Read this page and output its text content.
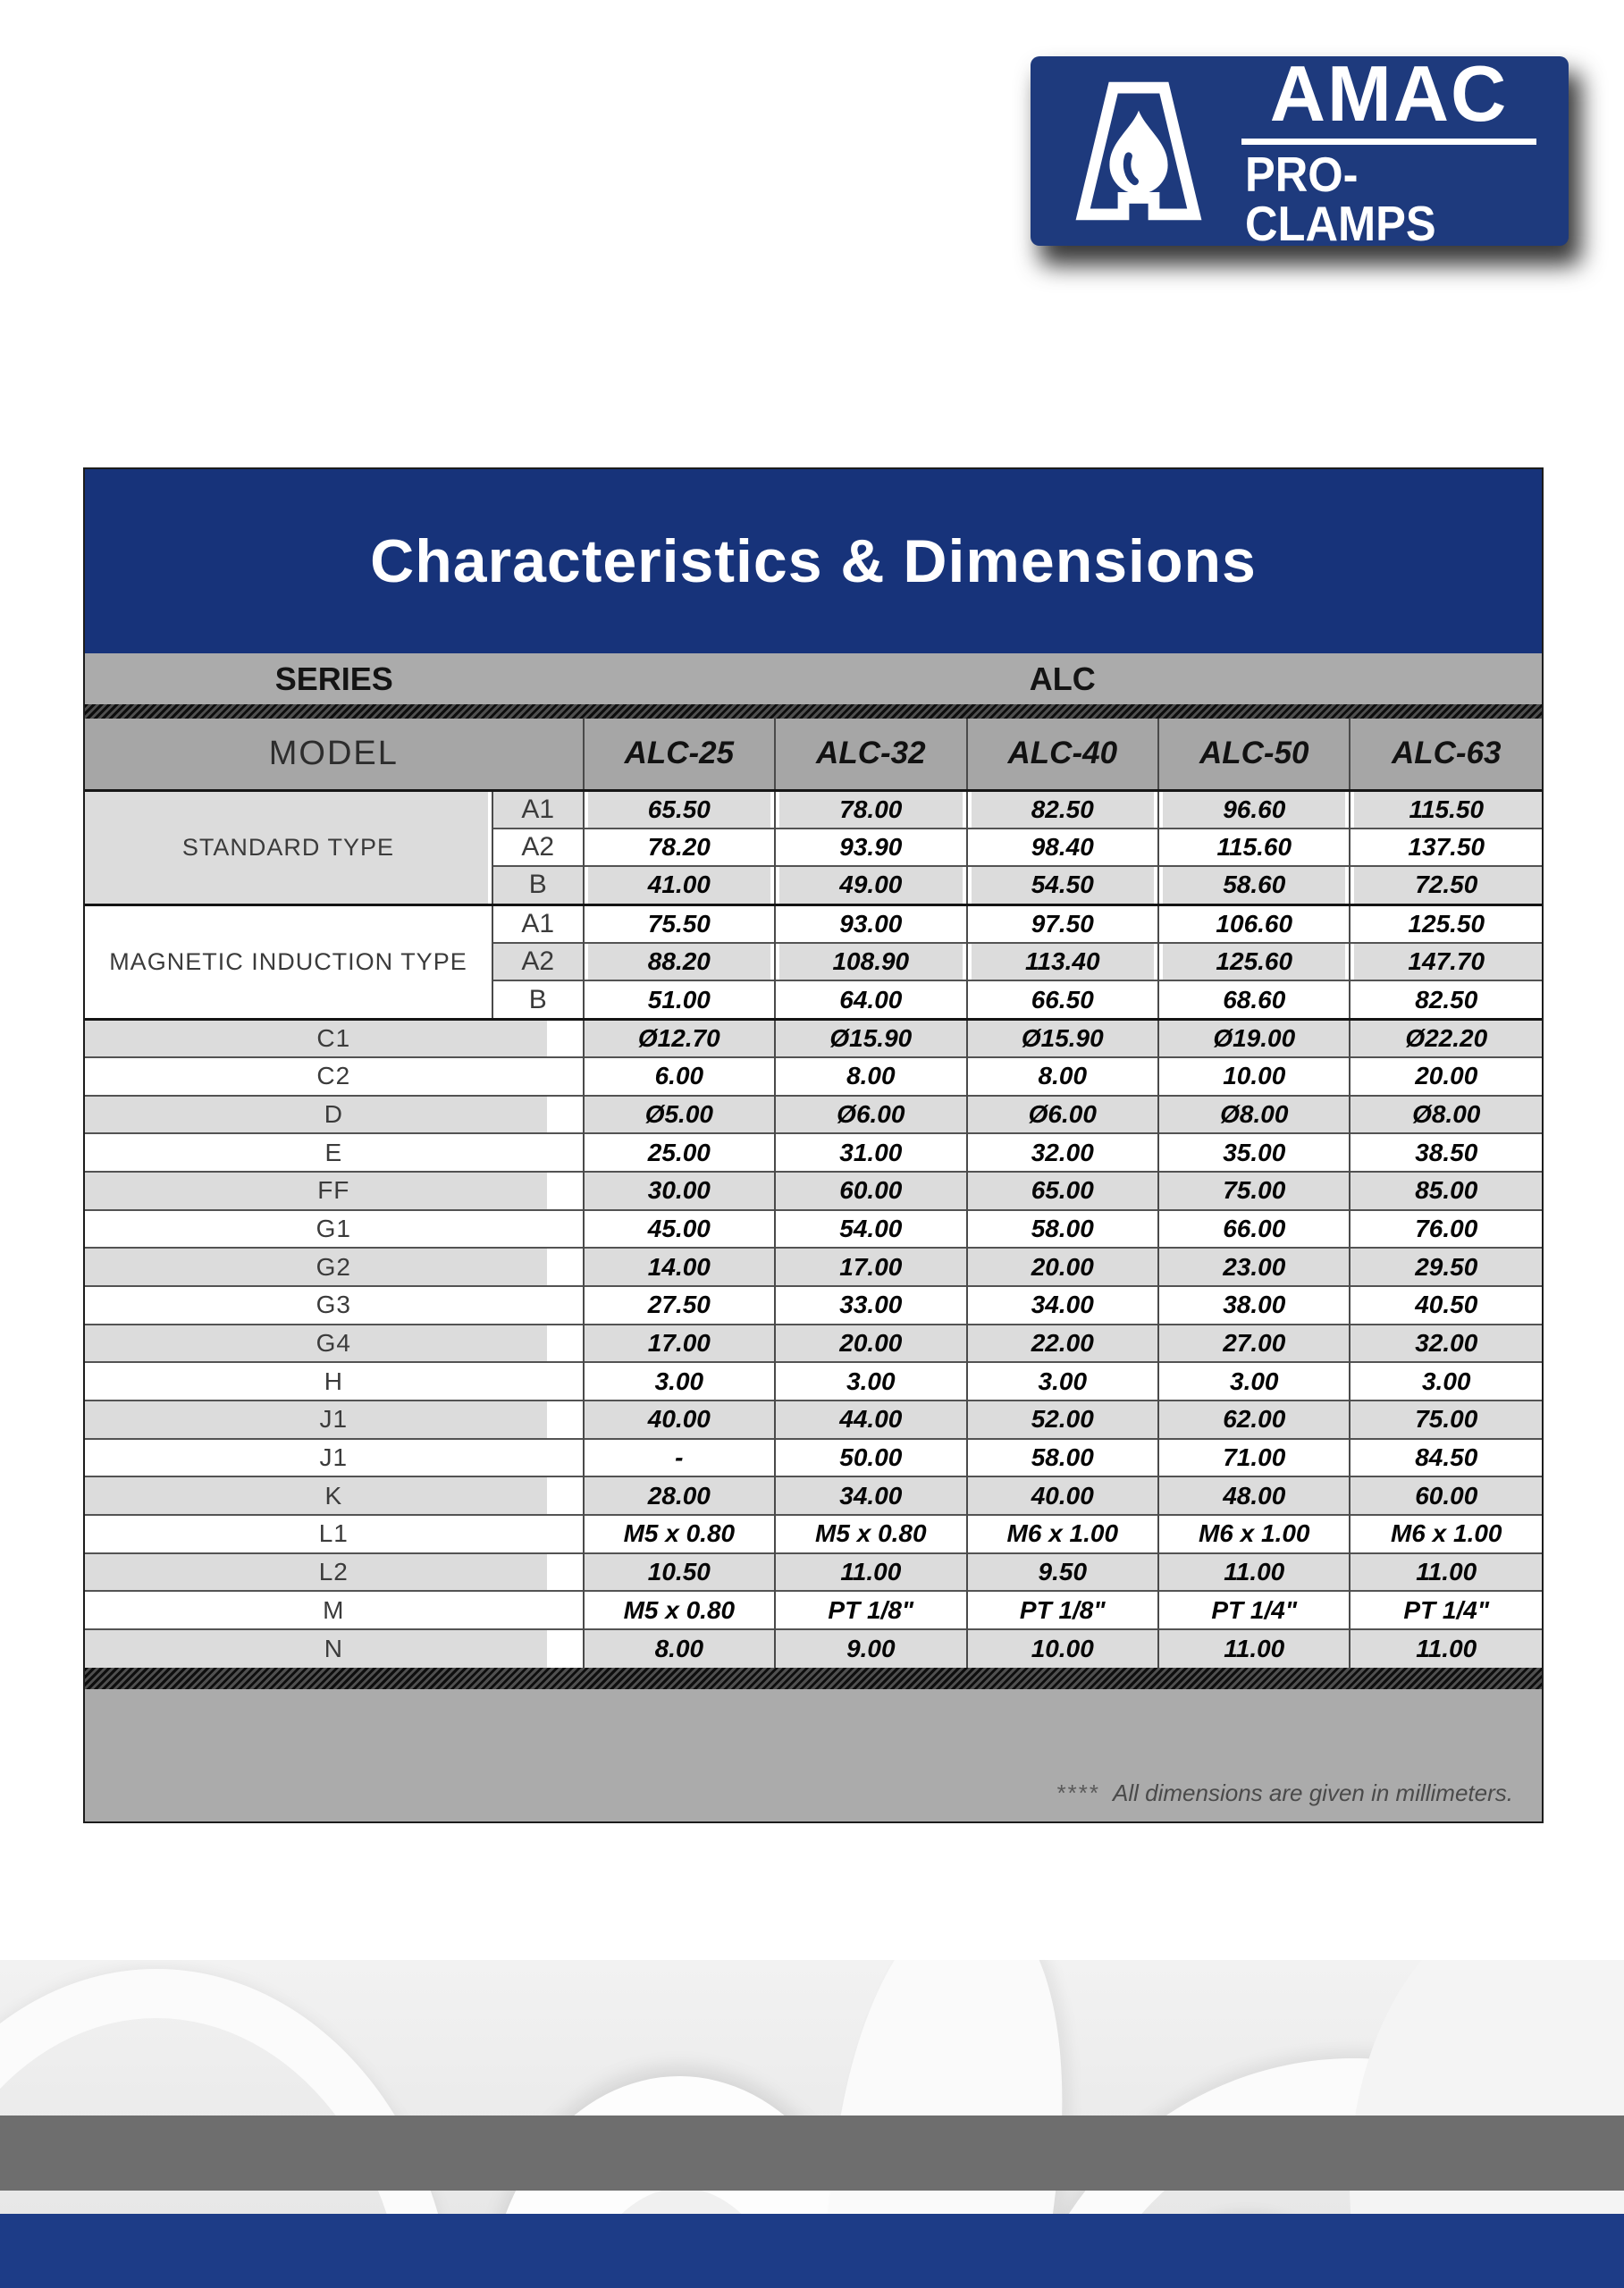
AMAC
PRO-CLAMPS
Characteristics & Dimensions
SERIES	ALC
MODEL		ALC-25	ALC-32	ALC-40	ALC-50	ALC-63
STANDARD TYPE	A1	65.50	78.00	82.50	96.60	115.50
	A2	78.20	93.90	98.40	115.60	137.50
	B	41.00	49.00	54.50	58.60	72.50
MAGNETIC INDUCTION TYPE	A1	75.50	93.00	97.50	106.60	125.50
	A2	88.20	108.90	113.40	125.60	147.70
	B	51.00	64.00	66.50	68.60	82.50
C1		Ø12.70	Ø15.90	Ø15.90	Ø19.00	Ø22.20
C2		6.00	8.00	8.00	10.00	20.00
D		Ø5.00	Ø6.00	Ø6.00	Ø8.00	Ø8.00
E		25.00	31.00	32.00	35.00	38.50
FF		30.00	60.00	65.00	75.00	85.00
G1		45.00	54.00	58.00	66.00	76.00
G2		14.00	17.00	20.00	23.00	29.50
G3		27.50	33.00	34.00	38.00	40.50
G4		17.00	20.00	22.00	27.00	32.00
H		3.00	3.00	3.00	3.00	3.00
J1		40.00	44.00	52.00	62.00	75.00
J1		-	50.00	58.00	71.00	84.50
K		28.00	34.00	40.00	48.00	60.00
L1		M5 x 0.80	M5 x 0.80	M6 x 1.00	M6 x 1.00	M6 x 1.00
L2		10.50	11.00	9.50	11.00	11.00
M		M5 x 0.80	PT 1/8"	PT 1/8"	PT 1/4"	PT 1/4"
N		8.00	9.00	10.00	11.00	11.00
**** All dimensions are given in millimeters.
